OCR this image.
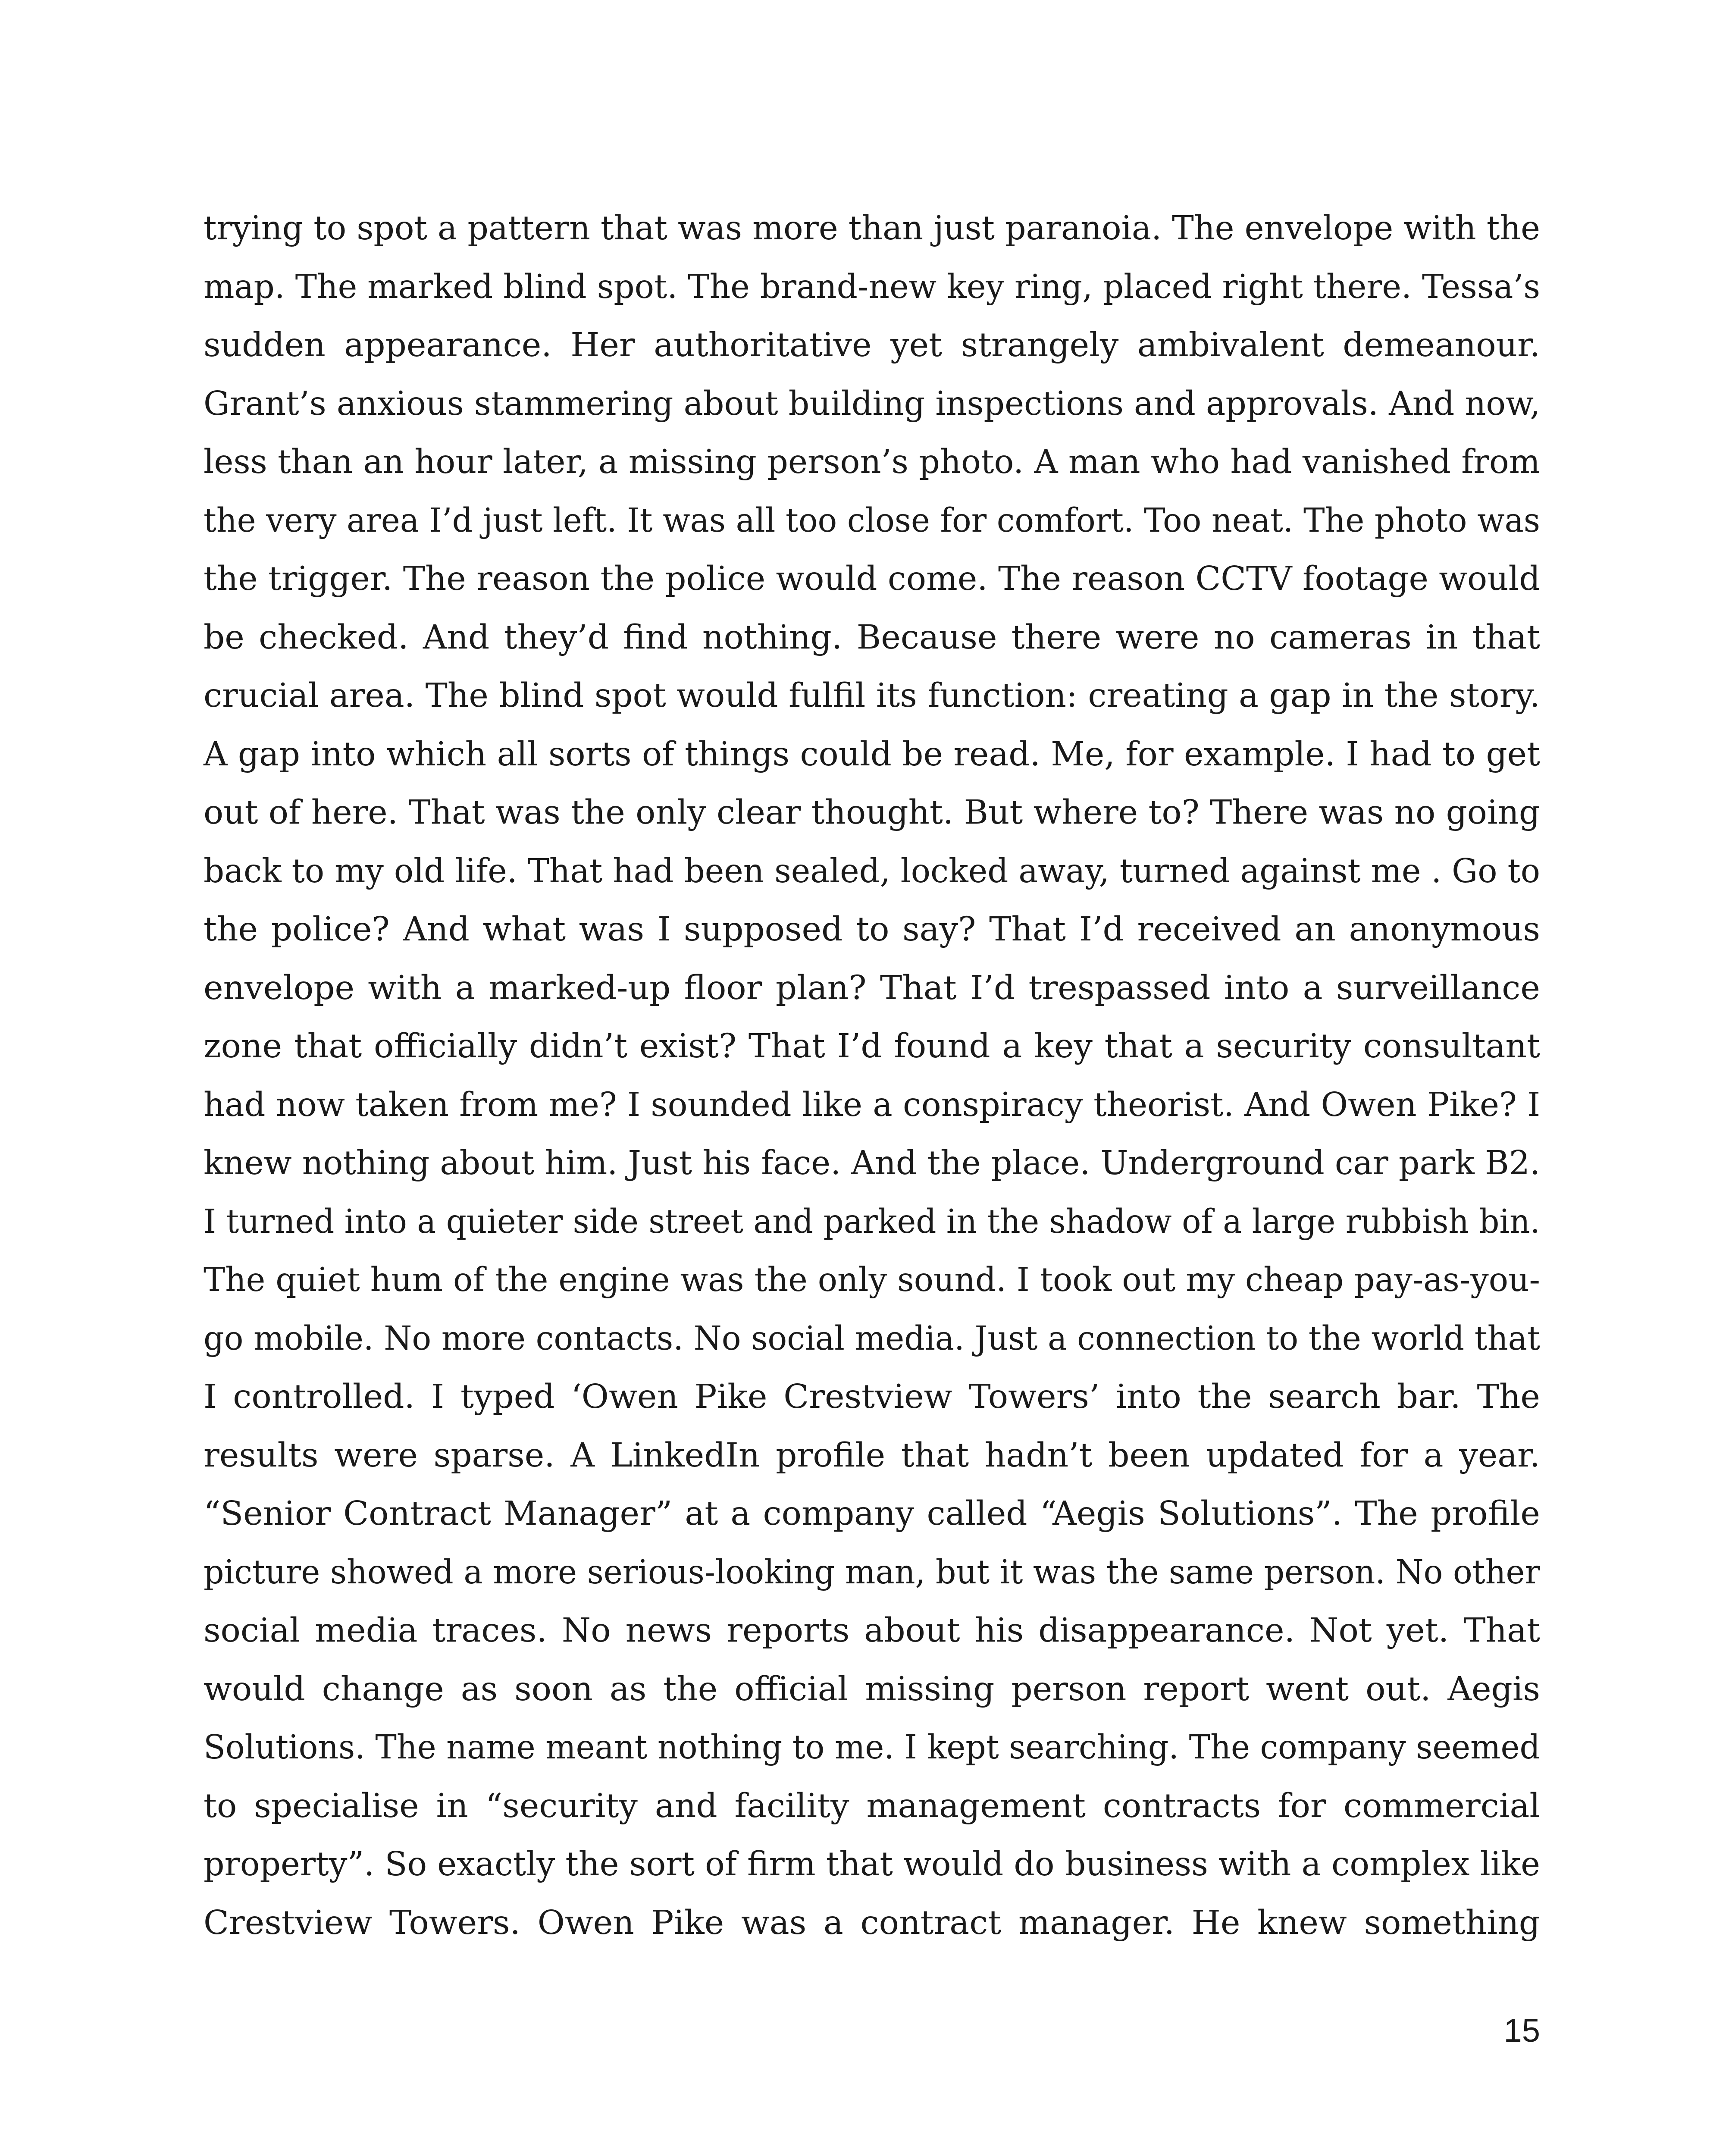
trying to spot a pattern that was more than just paranoia. The envelope with the
map. The marked blind spot. The brand-new key ring, placed right there. Tessa’s
sudden appearance. Her authoritative yet strangely ambivalent demeanour.
Grant’s anxious stammering about building inspections and approvals. And now,
less than an hour later, a missing person’s photo. A man who had vanished from
the very area I’d just left. It was all too close for comfort. Too neat. The photo was
the trigger. The reason the police would come. The reason CCTV footage would
be checked. And they’d find nothing. Because there were no cameras in that
crucial area. The blind spot would fulfil its function: creating a gap in the story.
A gap into which all sorts of things could be read. Me, for example. I had to get
out of here. That was the only clear thought. But where to? There was no going
back to my old life. That had been sealed, locked away, turned against me . Go to
the police? And what was I supposed to say? That I’d received an anonymous
envelope with a marked-up floor plan? That I’d trespassed into a surveillance
zone that officially didn’t exist? That I’d found a key that a security consultant
had now taken from me? I sounded like a conspiracy theorist. And Owen Pike? I
knew nothing about him. Just his face. And the place. Underground car park B2.
I turned into a quieter side street and parked in the shadow of a large rubbish bin.
The quiet hum of the engine was the only sound. I took out my cheap pay-as-you-
go mobile. No more contacts. No social media. Just a connection to the world that
I controlled. I typed ‘Owen Pike Crestview Towers’ into the search bar. The
results were sparse. A LinkedIn profile that hadn’t been updated for a year.
“Senior Contract Manager” at a company called “Aegis Solutions”. The profile
picture showed a more serious-looking man, but it was the same person. No other
social media traces. No news reports about his disappearance. Not yet. That
would change as soon as the official missing person report went out. Aegis
Solutions. The name meant nothing to me. I kept searching. The company seemed
to specialise in “security and facility management contracts for commercial
property”. So exactly the sort of firm that would do business with a complex like
Crestview Towers. Owen Pike was a contract manager. He knew something
15
